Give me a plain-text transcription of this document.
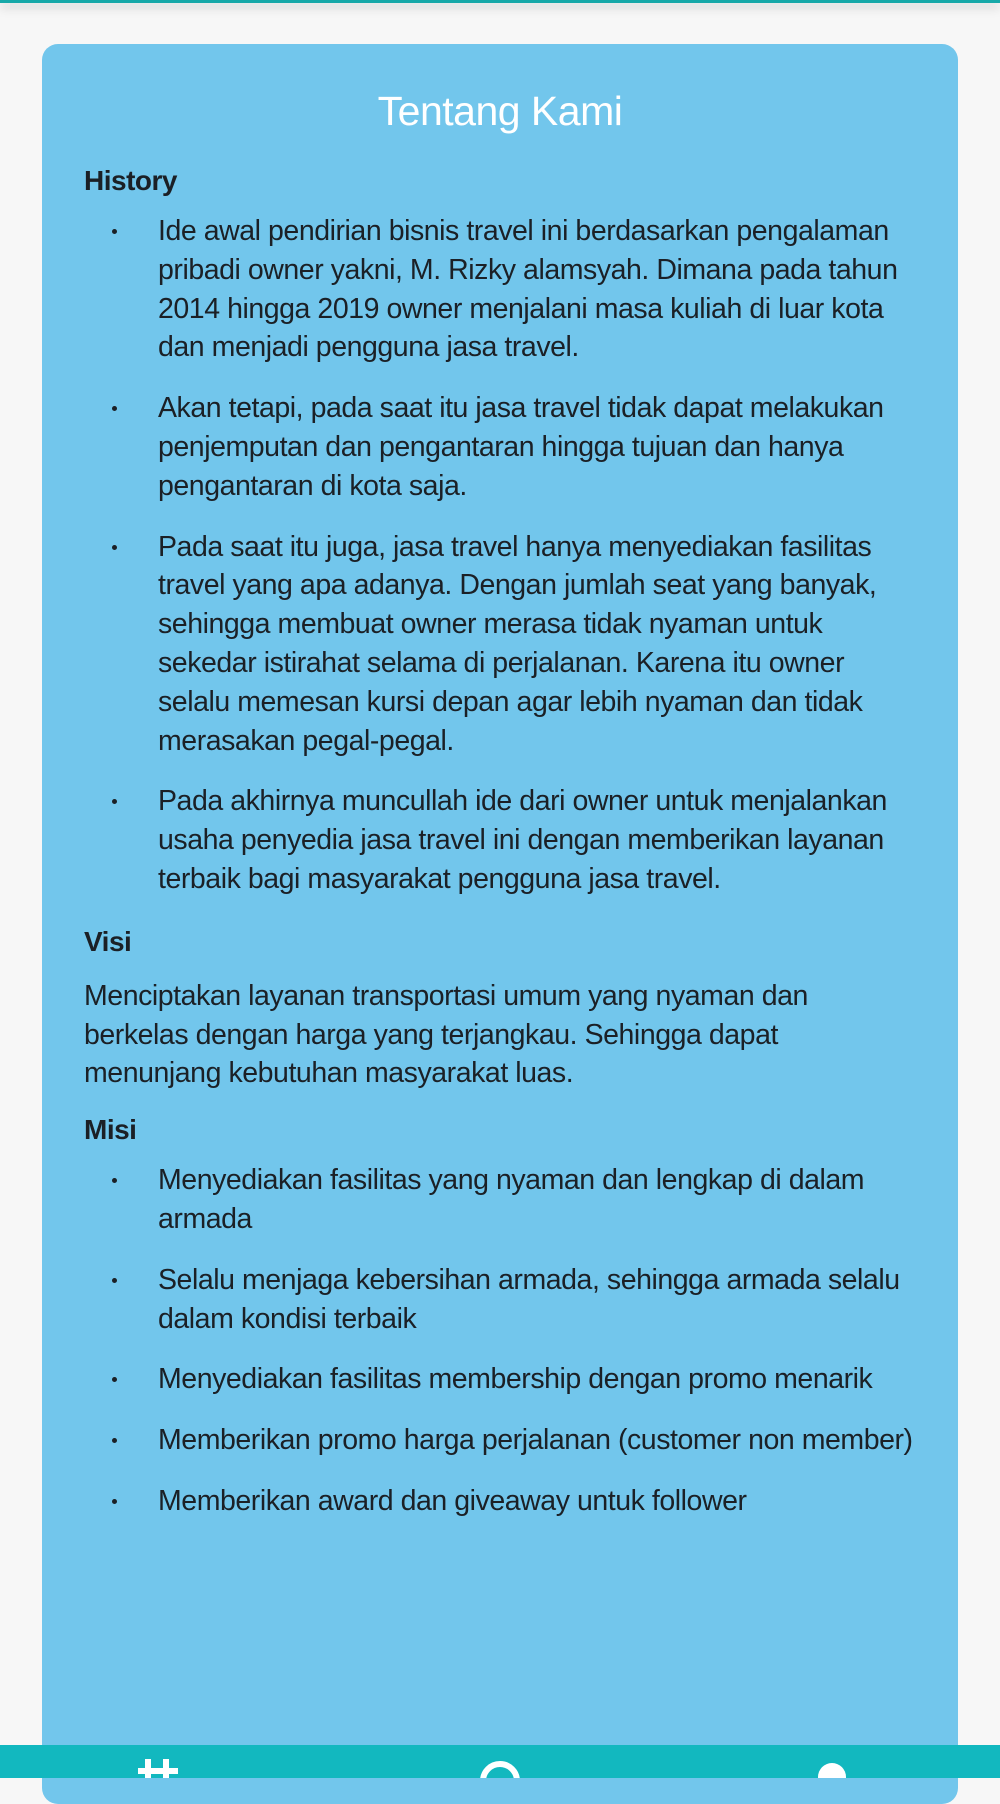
Tentang Kami
History
Ide awal pendirian bisnis travel ini berdasarkan pengalaman pribadi owner yakni, M. Rizky alamsyah. Dimana pada tahun 2014 hingga 2019 owner menjalani masa kuliah di luar kota dan menjadi pengguna jasa travel.
Akan tetapi, pada saat itu jasa travel tidak dapat melakukan penjemputan dan pengantaran hingga tujuan dan hanya pengantaran di kota saja.
Pada saat itu juga, jasa travel hanya menyediakan fasilitas travel yang apa adanya. Dengan jumlah seat yang banyak, sehingga membuat owner merasa tidak nyaman untuk sekedar istirahat selama di perjalanan. Karena itu owner selalu memesan kursi depan agar lebih nyaman dan tidak merasakan pegal-pegal.
Pada akhirnya muncullah ide dari owner untuk menjalankan usaha penyedia jasa travel ini dengan memberikan layanan terbaik bagi masyarakat pengguna jasa travel.
Visi

Menciptakan layanan transportasi umum yang nyaman dan berkelas dengan harga yang terjangkau. Sehingga dapat menunjang kebutuhan masyarakat luas.

Misi
Menyediakan fasilitas yang nyaman dan lengkap di dalam armada
Selalu menjaga kebersihan armada, sehingga armada selalu dalam kondisi terbaik
Menyediakan fasilitas membership dengan promo menarik
Memberikan promo harga perjalanan (customer non member)
Memberikan award dan giveaway untuk follower
